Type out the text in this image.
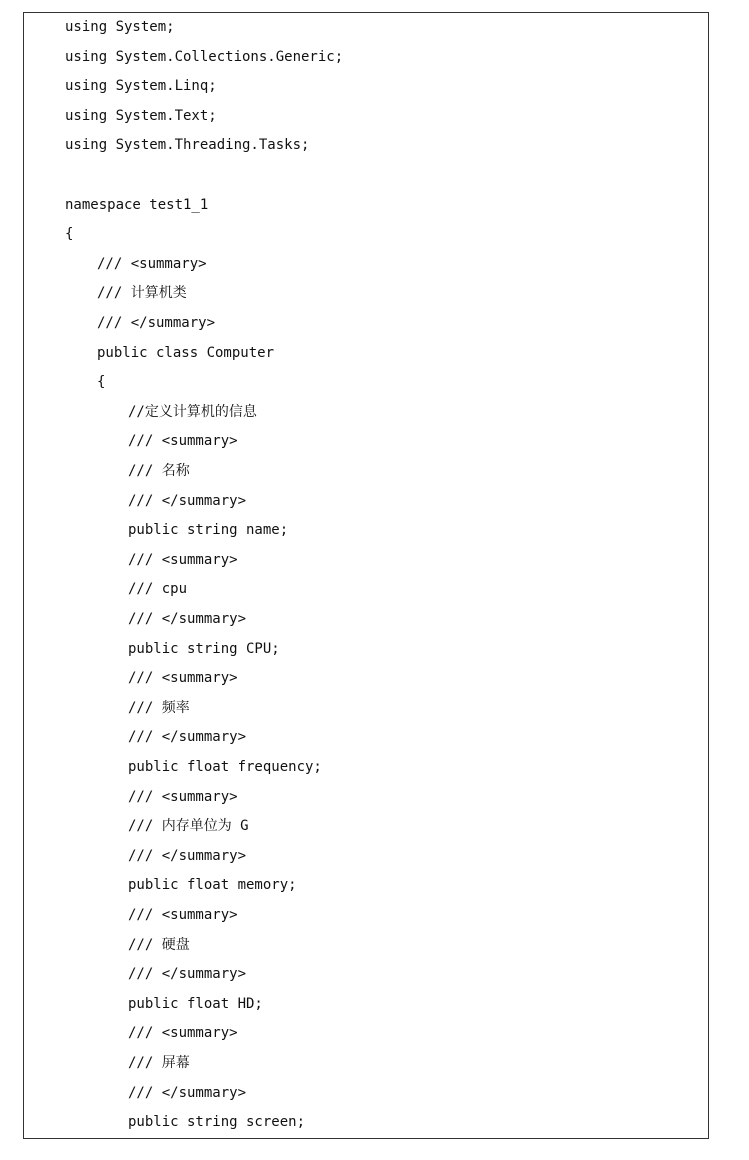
using System;
using System.Collections.Generic;
using System.Linq;
using System.Text;
using System.Threading.Tasks;
namespace test1_1
{
/// <summary>
/// 计算机类
/// </summary>
public class Computer
{
//定义计算机的信息
/// <summary>
/// 名称
/// </summary>
public string name;
/// <summary>
/// cpu
/// </summary>
public string CPU;
/// <summary>
/// 频率
/// </summary>
public float frequency;
/// <summary>
/// 内存单位为 G
/// </summary>
public float memory;
/// <summary>
/// 硬盘
/// </summary>
public float HD;
/// <summary>
/// 屏幕
/// </summary>
public string screen;
